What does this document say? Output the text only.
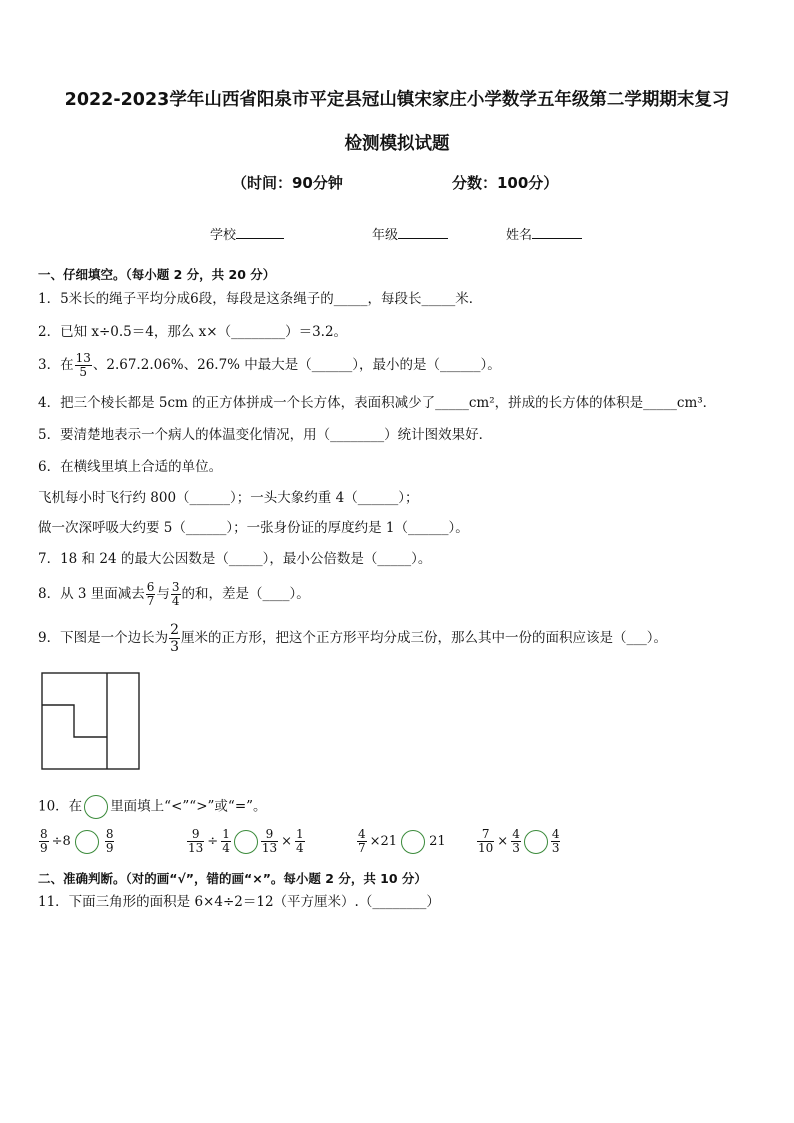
2022-2023学年山西省阳泉市平定县冠山镇宋家庄小学数学五年级第二学期期末复习
检测模拟试题
（时间：90分钟	分数：100分）
学校	年级	姓名
一、仔细填空。（每小题 2 分，共 20 分）
1．5米长的绳子平均分成6段，每段是这条绳子的_____，每段长_____米．
2．已知 x÷0.5＝4，那么 x×（________）＝3.2。
3．在 $\frac{13}{5}$ 、2.67.2.06%、26.7% 中最大是（______），最小的是（______）。
4．把三个棱长都是 5cm 的正方体拼成一个长方体，表面积减少了_____cm²，拼成的长方体的体积是_____cm³．
5．要清楚地表示一个病人的体温变化情况，用（________）统计图效果好．
6．在横线里填上合适的单位。
飞机每小时飞行约 800（______）；一头大象约重 4（______）；
做一次深呼吸大约要 5（______）；一张身份证的厚度约是 1（______）。
7．18 和 24 的最大公因数是（_____），最小公倍数是（_____）。
8．从 3 里面减去 $\frac{6}{7}$ 与 $\frac{3}{4}$ 的和，差是（____）。
9．下图是一个边长为 $\frac{2}{3}$ 厘米的正方形，把这个正方形平均分成三份，那么其中一份的面积应该是（___）。
10．在 里面填上“<”“>”或“=”。
$\frac{8}{9} \div 8$	$\frac{8}{9}$	$\frac{9}{13} \div \frac{1}{4}$	$\frac{9}{13} \times \frac{1}{4}$	$\frac{4}{7} \times 21$ 21	$\frac{7}{10} \times \frac{4}{3}$	$\frac{4}{3}$
二、准确判断。（对的画“√”，错的画“×”。每小题 2 分，共 10 分）
11．下面三角形的面积是 6×4÷2＝12（平方厘米）.（________）
